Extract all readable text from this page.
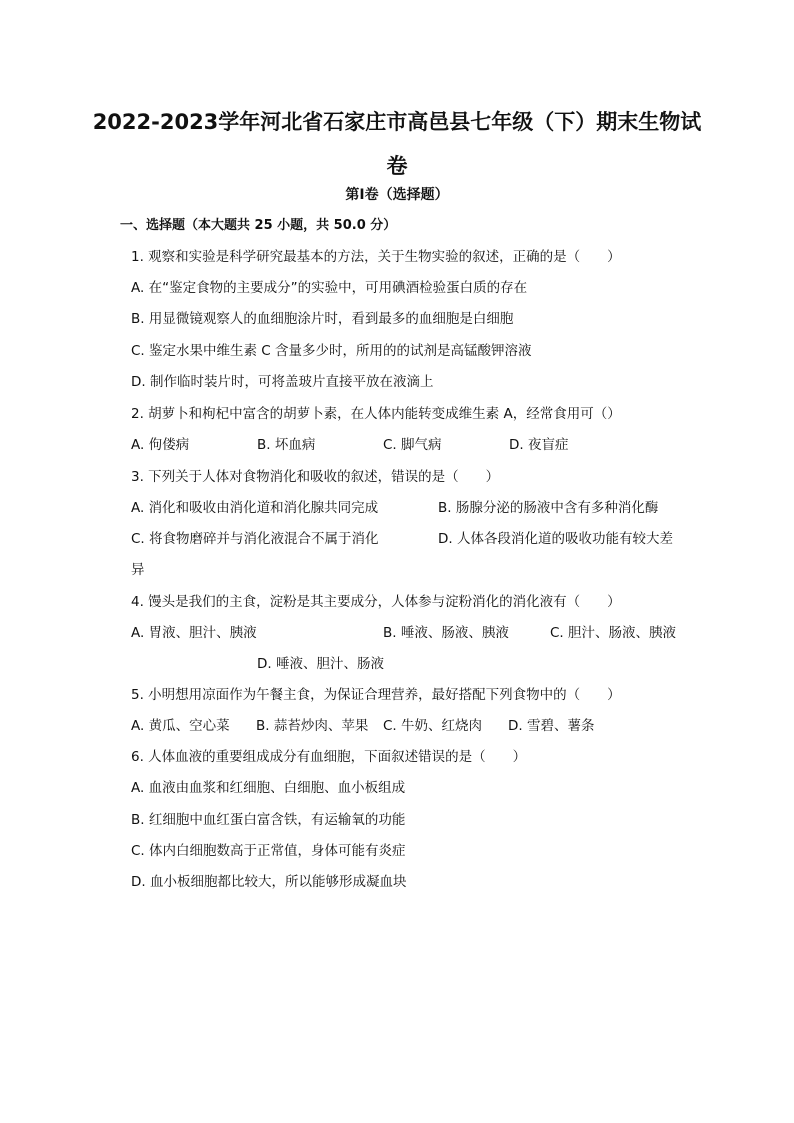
2022-2023学年河北省石家庄市高邑县七年级（下）期末生物试卷
第I卷（选择题）
一、选择题（本大题共 25 小题，共 50.0 分）
1. 观察和实验是科学研究最基本的方法，关于生物实验的叙述，正确的是（　　）
A. 在“鉴定食物的主要成分”的实验中，可用碘酒检验蛋白质的存在
B. 用显微镜观察人的血细胞涂片时，看到最多的血细胞是白细胞
C. 鉴定水果中维生素 C 含量多少时，所用的的试剂是高锰酸钾溶液
D. 制作临时装片时，可将盖玻片直接平放在液滴上
2. 胡萝卜和枸杞中富含的胡萝卜素，在人体内能转变成维生素 A，经常食用可（）
A. 佝偻病	B. 坏血病	C. 脚气病	D. 夜盲症
3. 下列关于人体对食物消化和吸收的叙述，错误的是（　　）
A. 消化和吸收由消化道和消化腺共同完成	B. 肠腺分泌的肠液中含有多种消化酶
C. 将食物磨碎并与消化液混合不属于消化	D. 人体各段消化道的吸收功能有较大差
异
4. 馒头是我们的主食，淀粉是其主要成分，人体参与淀粉消化的消化液有（　　）
A. 胃液、胆汁、胰液	B. 唾液、肠液、胰液	C. 胆汁、肠液、胰液
D. 唾液、胆汁、肠液
5. 小明想用凉面作为午餐主食，为保证合理营养，最好搭配下列食物中的（　　）
A. 黄瓜、空心菜 B. 蒜苔炒肉、苹果 C. 牛奶、红烧肉 D. 雪碧、薯条
6. 人体血液的重要组成成分有血细胞，下面叙述错误的是（　　）
A. 血液由血浆和红细胞、白细胞、血小板组成
B. 红细胞中血红蛋白富含铁，有运输氧的功能
C. 体内白细胞数高于正常值，身体可能有炎症
D. 血小板细胞都比较大，所以能够形成凝血块
